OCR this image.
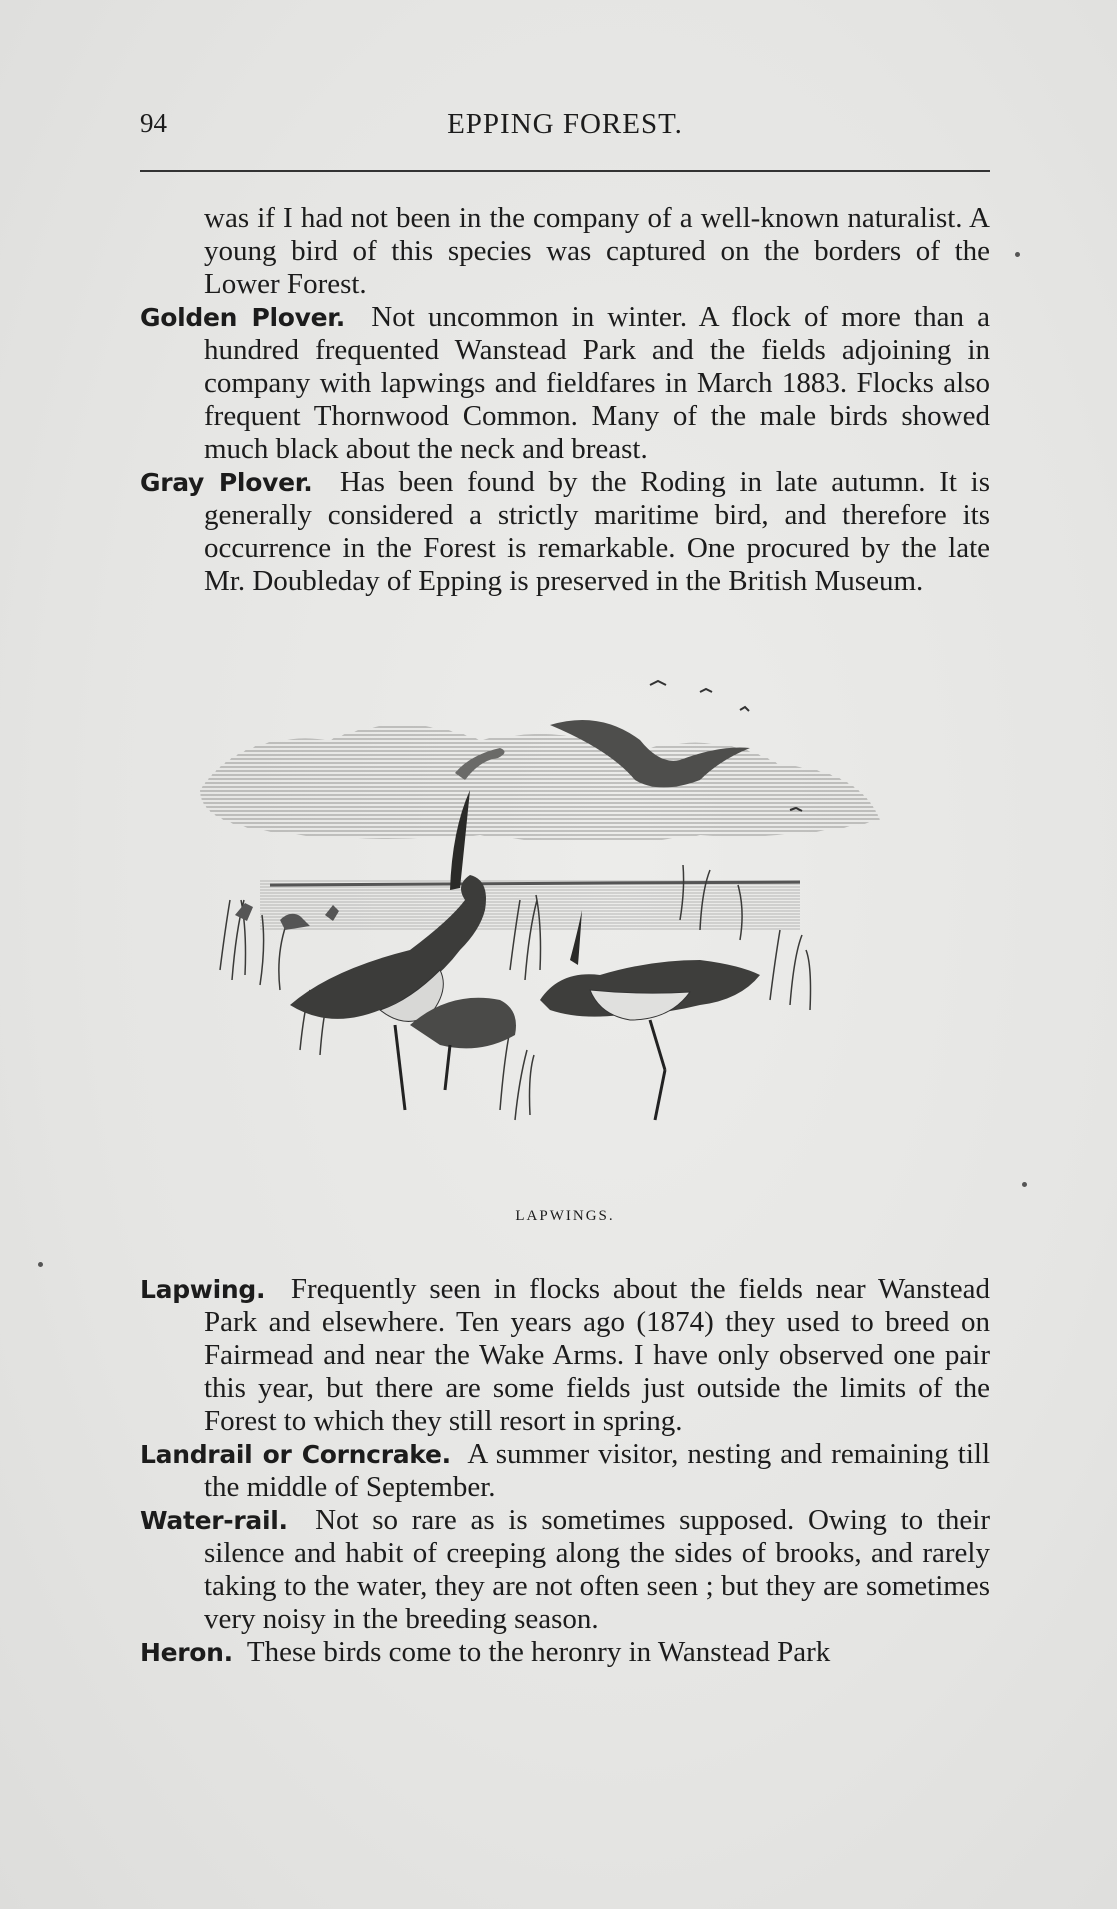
94	EPPING FOREST.

was if I had not been in the company of a well-known naturalist. A young bird of this species was captured on the borders of the Lower Forest.

Golden Plover. Not uncommon in winter. A flock of more than a hundred frequented Wanstead Park and the fields adjoining in company with lapwings and fieldfares in March 1883. Flocks also frequent Thornwood Common. Many of the male birds showed much black about the neck and breast.

Gray Plover. Has been found by the Roding in late autumn. It is generally considered a strictly maritime bird, and therefore its occurrence in the Forest is remarkable. One procured by the late Mr. Doubleday of Epping is preserved in the British Museum.

LAPWINGS.

Lapwing. Frequently seen in flocks about the fields near Wanstead Park and elsewhere. Ten years ago (1874) they used to breed on Fairmead and near the Wake Arms. I have only observed one pair this year, but there are some fields just outside the limits of the Forest to which they still resort in spring.

Landrail or Corncrake. A summer visitor, nesting and remaining till the middle of September.

Water-rail. Not so rare as is sometimes supposed. Owing to their silence and habit of creeping along the sides of brooks, and rarely taking to the water, they are not often seen ; but they are sometimes very noisy in the breeding season.

Heron. These birds come to the heronry in Wanstead Park
